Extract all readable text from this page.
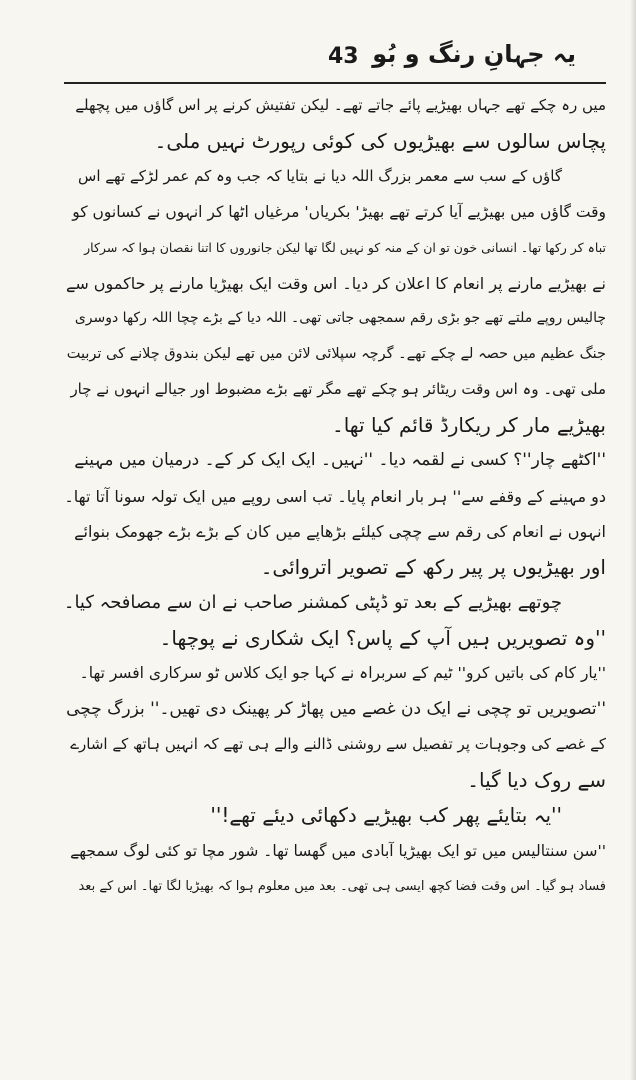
43 یہ جہانِ رنگ و بُو
میں رہ چکے تھے جہاں بھیڑیے پائے جاتے تھے۔ لیکن تفتیش کرنے پر اس گاؤں میں پچھلے
پچاس سالوں سے بھیڑیوں کی کوئی رپورٹ نہیں ملی۔
گاؤں کے سب سے معمر بزرگ اللہ دیا نے بتایا کہ جب وہ کم عمر لڑکے تھے اس
وقت گاؤں میں بھیڑیے آیا کرتے تھے بھیڑ' بکریاں' مرغیاں اٹھا کر انہوں نے کسانوں کو
تباہ کر رکھا تھا۔ انسانی خون تو ان کے منہ کو نہیں لگا تھا لیکن جانوروں کا اتنا نقصان ہوا کہ سرکار
نے بھیڑیے مارنے پر انعام کا اعلان کر دیا۔ اس وقت ایک بھیڑیا مارنے پر حاکموں سے
چالیس روپے ملتے تھے جو بڑی رقم سمجھی جاتی تھی۔ اللہ دیا کے بڑے چچا اللہ رکھا دوسری
جنگ عظیم میں حصہ لے چکے تھے۔ گرچہ سپلائی لائن میں تھے لیکن بندوق چلانے کی تربیت
ملی تھی۔ وہ اس وقت ریٹائر ہو چکے تھے مگر تھے بڑے مضبوط اور جیالے انہوں نے چار
بھیڑیے مار کر ریکارڈ قائم کیا تھا۔
''اکٹھے چار''؟ کسی نے لقمہ دیا۔ ''نہیں۔ ایک ایک کر کے۔ درمیان میں مہینے
دو مہینے کے وقفے سے'' ہر بار انعام پایا۔ تب اسی روپے میں ایک تولہ سونا آتا تھا۔
انہوں نے انعام کی رقم سے چچی کیلئے بڑھاپے میں کان کے بڑے بڑے جھومک بنوائے
اور بھیڑیوں پر پیر رکھ کے تصویر اتروائی۔
چوتھے بھیڑیے کے بعد تو ڈپٹی کمشنر صاحب نے ان سے مصافحہ کیا۔
''وہ تصویریں ہیں آپ کے پاس؟ ایک شکاری نے پوچھا۔
''یار کام کی باتیں کرو'' ٹیم کے سربراہ نے کہا جو ایک کلاس ٹو سرکاری افسر تھا۔
''تصویریں تو چچی نے ایک دن غصے میں پھاڑ کر پھینک دی تھیں۔'' بزرگ چچی
کے غصے کی وجوہات پر تفصیل سے روشنی ڈالنے والے ہی تھے کہ انہیں ہاتھ کے اشارے
سے روک دیا گیا۔
''یہ بتایئے پھر کب بھیڑیے دکھائی دیئے تھے!''
''سن سنتالیس میں تو ایک بھیڑیا آبادی میں گھسا تھا۔ شور مچا تو کئی لوگ سمجھے
فساد ہو گیا۔ اس وقت فضا کچھ ایسی ہی تھی۔ بعد میں معلوم ہوا کہ بھیڑیا لگا تھا۔ اس کے بعد
